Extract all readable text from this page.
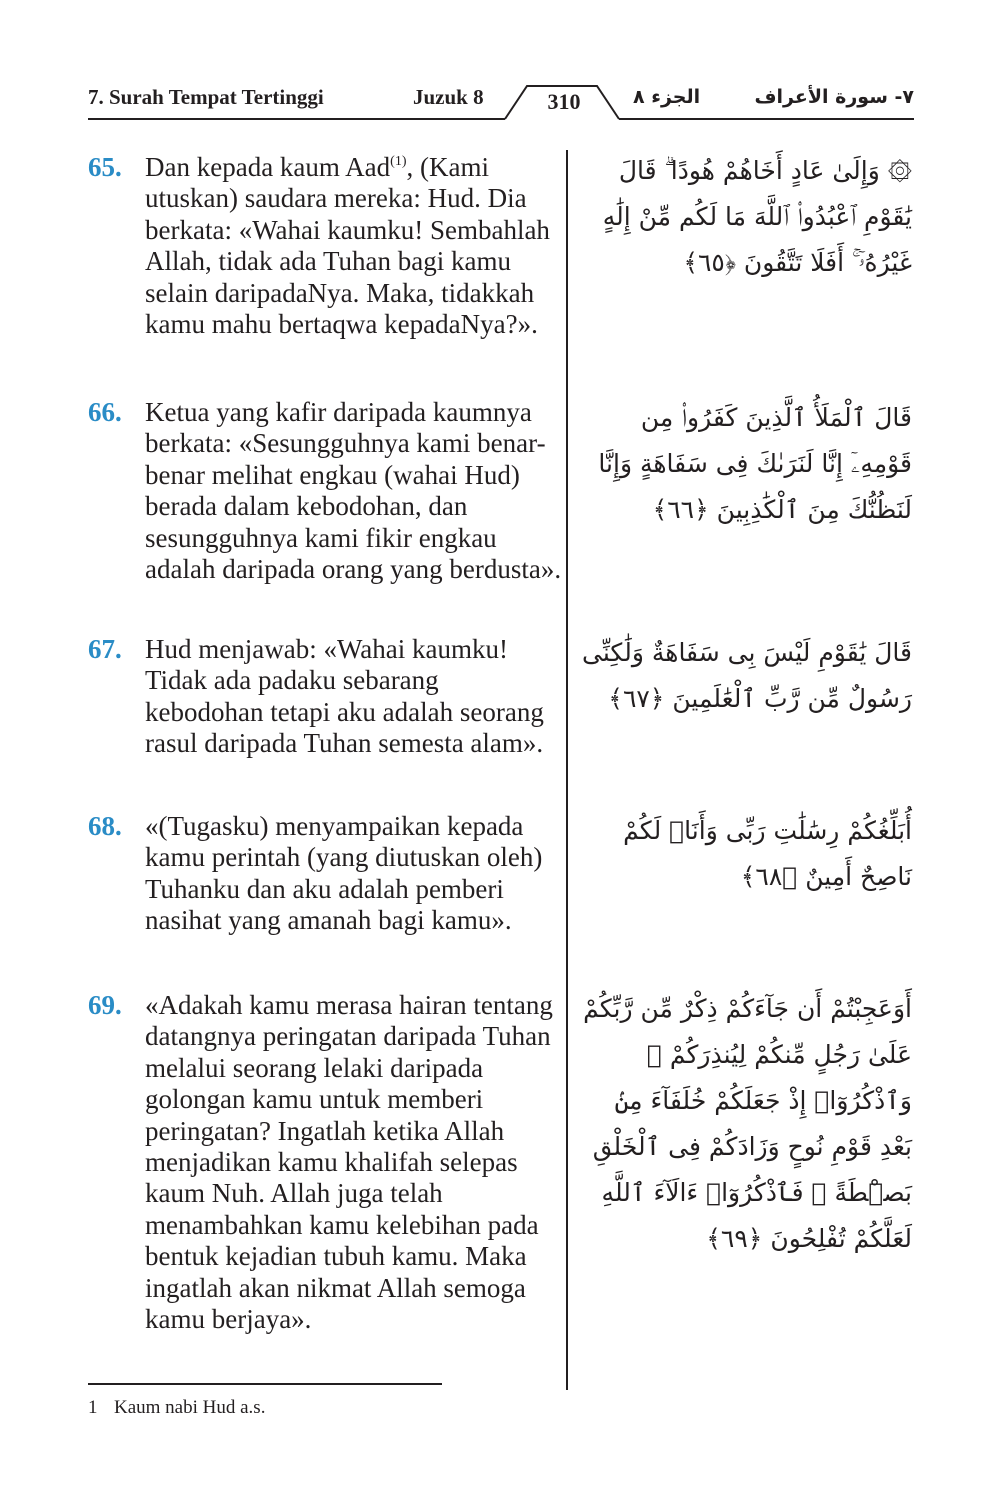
7. Surah Tempat Tertinggi	Juzuk 8	310	الجزء ٨	٧- سورة الأعراف
65. Dan kepada kaum Aad$^{(1)}$, (Kami utuskan) saudara mereka: Hud. Dia berkata: «Wahai kaumku! Sembahlah Allah, tidak ada Tuhan bagi kamu selain daripadaNya. Maka, tidakkah kamu mahu bertaqwa kepadaNya?».
۞ وَإِلَىٰ عَادٍ أَخَاهُمْ هُودًا ۗ قَالَ يَٰقَوْمِ ٱعْبُدُوا۟ ٱللَّهَ مَا لَكُم مِّنْ إِلَٰهٍ غَيْرُهُۥٓ ۚ أَفَلَا تَتَّقُونَ ﴿٦٥﴾
66. Ketua yang kafir daripada kaumnya berkata: «Sesungguhnya kami benar-benar melihat engkau (wahai Hud) berada dalam kebodohan, dan sesungguhnya kami fikir engkau adalah daripada orang yang berdusta».
قَالَ ٱلْمَلَأُ ٱلَّذِينَ كَفَرُوا۟ مِن قَوْمِهِۦٓ إِنَّا لَنَرَىٰكَ فِى سَفَاهَةٍ وَإِنَّا لَنَظُنُّكَ مِنَ ٱلْكَٰذِبِينَ ﴿٦٦﴾
67. Hud menjawab: «Wahai kaumku! Tidak ada padaku sebarang kebodohan tetapi aku adalah seorang rasul daripada Tuhan semesta alam».
قَالَ يَٰقَوْمِ لَيْسَ بِى سَفَاهَةٌ وَلَٰكِنِّى رَسُولٌ مِّن رَّبِّ ٱلْعَٰلَمِينَ ﴿٦٧﴾
68. «(Tugasku) menyampaikan kepada kamu perintah (yang diutuskan oleh) Tuhanku dan aku adalah pemberi nasihat yang amanah bagi kamu».
أُبَلِّغُكُمْ رِسَٰلَٰتِ رَبِّى وَأَنَا۠ لَكُمْ نَاصِحٌ أَمِينٌ ﴿٦٨﴾
69. «Adakah kamu merasa hairan tentang datangnya peringatan daripada Tuhan melalui seorang lelaki daripada golongan kamu untuk memberi peringatan? Ingatlah ketika Allah menjadikan kamu khalifah selepas kaum Nuh. Allah juga telah menambahkan kamu kelebihan pada bentuk kejadian tubuh kamu. Maka ingatlah akan nikmat Allah semoga kamu berjaya».
أَوَعَجِبْتُمْ أَن جَآءَكُمْ ذِكْرٌ مِّن رَّبِّكُمْ عَلَىٰ رَجُلٍ مِّنكُمْ لِيُنذِرَكُمْ ۚ وَٱذْكُرُوٓا۟ إِذْ جَعَلَكُمْ خُلَفَآءَ مِنۢ بَعْدِ قَوْمِ نُوحٍ وَزَادَكُمْ فِى ٱلْخَلْقِ بَصْۜطَةً ۖ فَٱذْكُرُوٓا۟ ءَالَآءَ ٱللَّهِ لَعَلَّكُمْ تُفْلِحُونَ ﴿٦٩﴾
1 Kaum nabi Hud a.s.
